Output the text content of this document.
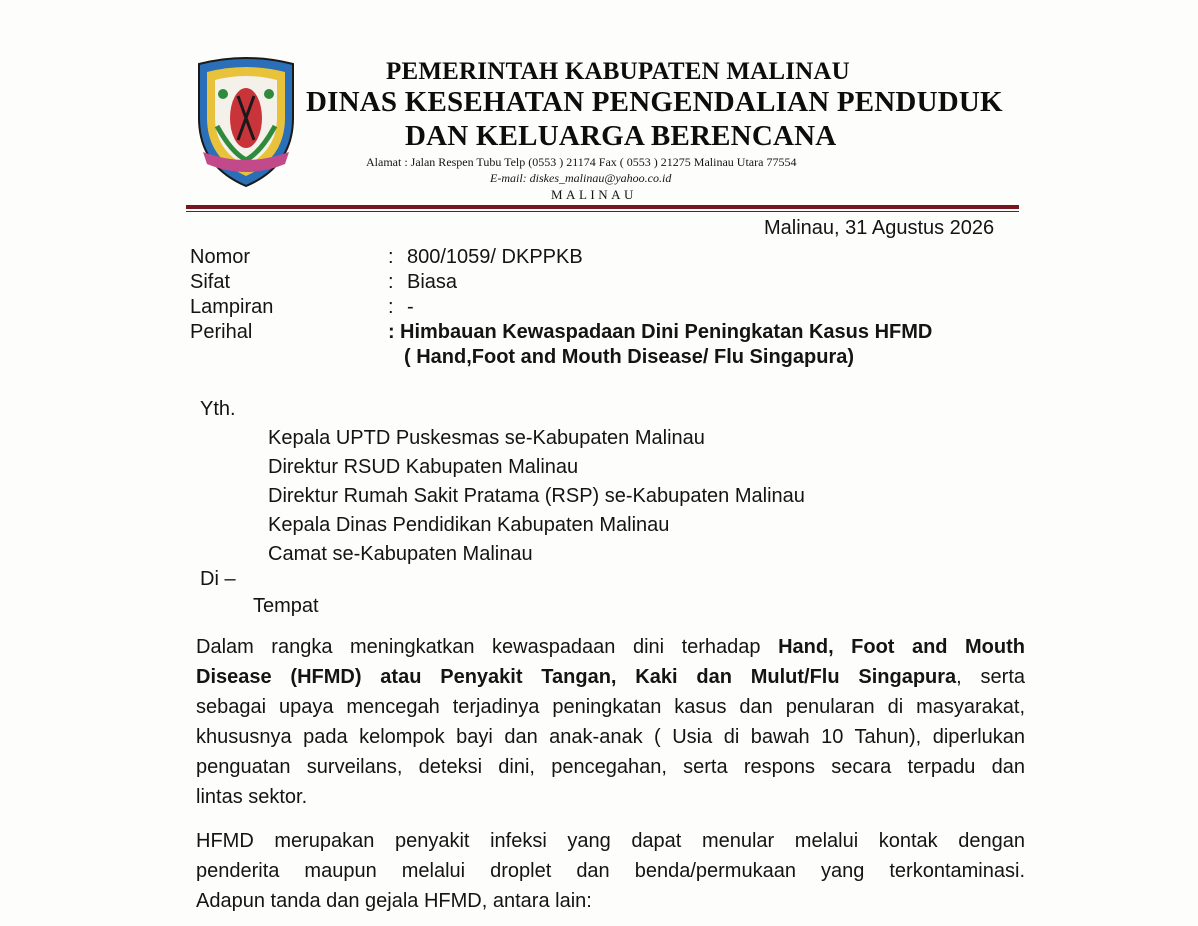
PEMERINTAH KABUPATEN MALINAU
DINAS KESEHATAN PENGENDALIAN PENDUDUK
DAN KELUARGA BERENCANA
Alamat : Jalan Respen Tubu Telp (0553 ) 21174 Fax ( 0553 ) 21275 Malinau Utara 77554
E-mail: diskes_malinau@yahoo.co.id
MALINAU
Malinau, 31 Agustus 2026
Nomor	: 800/1059/ DKPPKB
Sifat	: Biasa
Lampiran	: -
Perihal	: Himbauan Kewaspadaan Dini Peningkatan Kasus HFMD
( Hand,Foot and Mouth Disease/ Flu Singapura)
Yth.
Kepala UPTD Puskesmas se-Kabupaten Malinau
Direktur RSUD Kabupaten Malinau
Direktur Rumah Sakit Pratama (RSP) se-Kabupaten Malinau
Kepala Dinas Pendidikan Kabupaten Malinau
Camat se-Kabupaten Malinau
Di –
Tempat
Dalam rangka meningkatkan kewaspadaan dini terhadap Hand, Foot and Mouth
Disease (HFMD) atau Penyakit Tangan, Kaki dan Mulut/Flu Singapura, serta
sebagai upaya mencegah terjadinya peningkatan kasus dan penularan di masyarakat,
khususnya pada kelompok bayi dan anak-anak ( Usia di bawah 10 Tahun), diperlukan
penguatan surveilans, deteksi dini, pencegahan, serta respons secara terpadu dan
lintas sektor.
HFMD merupakan penyakit infeksi yang dapat menular melalui kontak dengan
penderita maupun melalui droplet dan benda/permukaan yang terkontaminasi.
Adapun tanda dan gejala HFMD, antara lain:
